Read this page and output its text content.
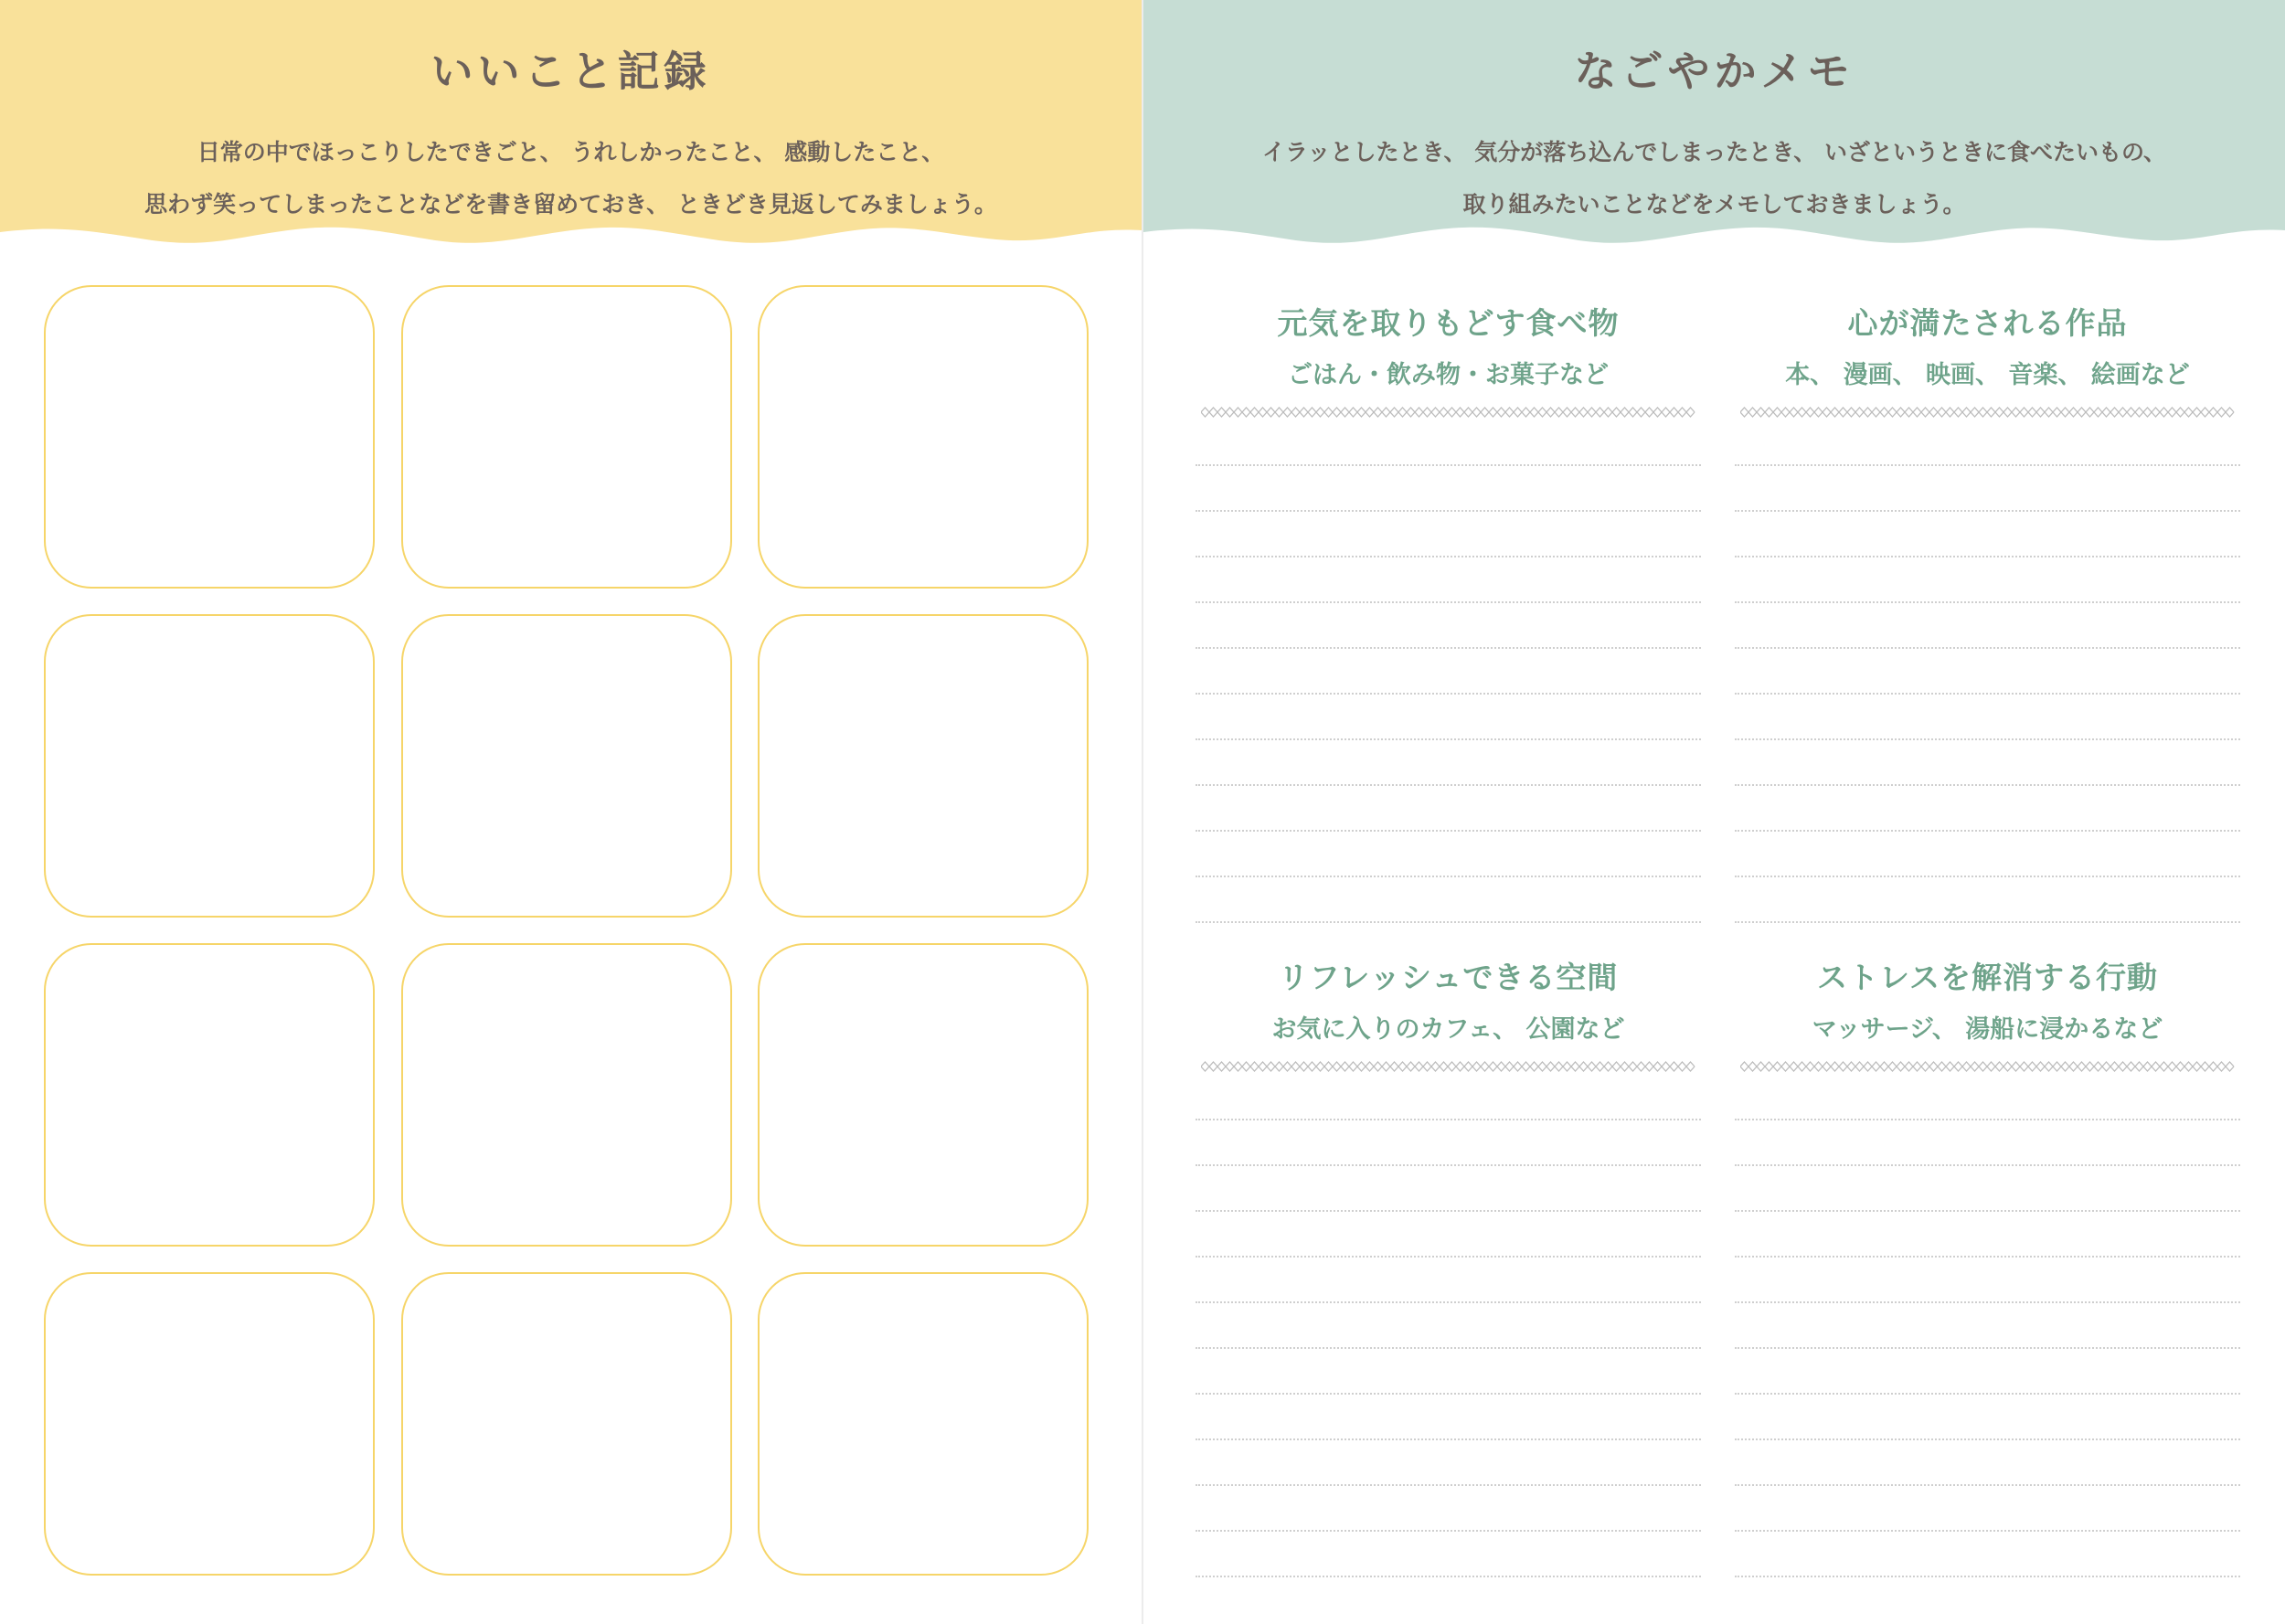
いいこと記録
日常の中でほっこりしたできごと、 うれしかったこと、 感動したこと、
思わず笑ってしまったことなどを書き留めておき、 ときどき見返してみましょう。
なごやかメモ
イラッとしたとき、 気分が落ち込んでしまったとき、 いざというときに食べたいもの、
取り組みたいことなどをメモしておきましょう。
元気を取りもどす食べ物
ごはん・飲み物・お菓子など
心が満たされる作品
本、 漫画、 映画、 音楽、 絵画など
リフレッシュできる空間
お気に入りのカフェ、 公園など
ストレスを解消する行動
マッサージ、 湯船に浸かるなど
